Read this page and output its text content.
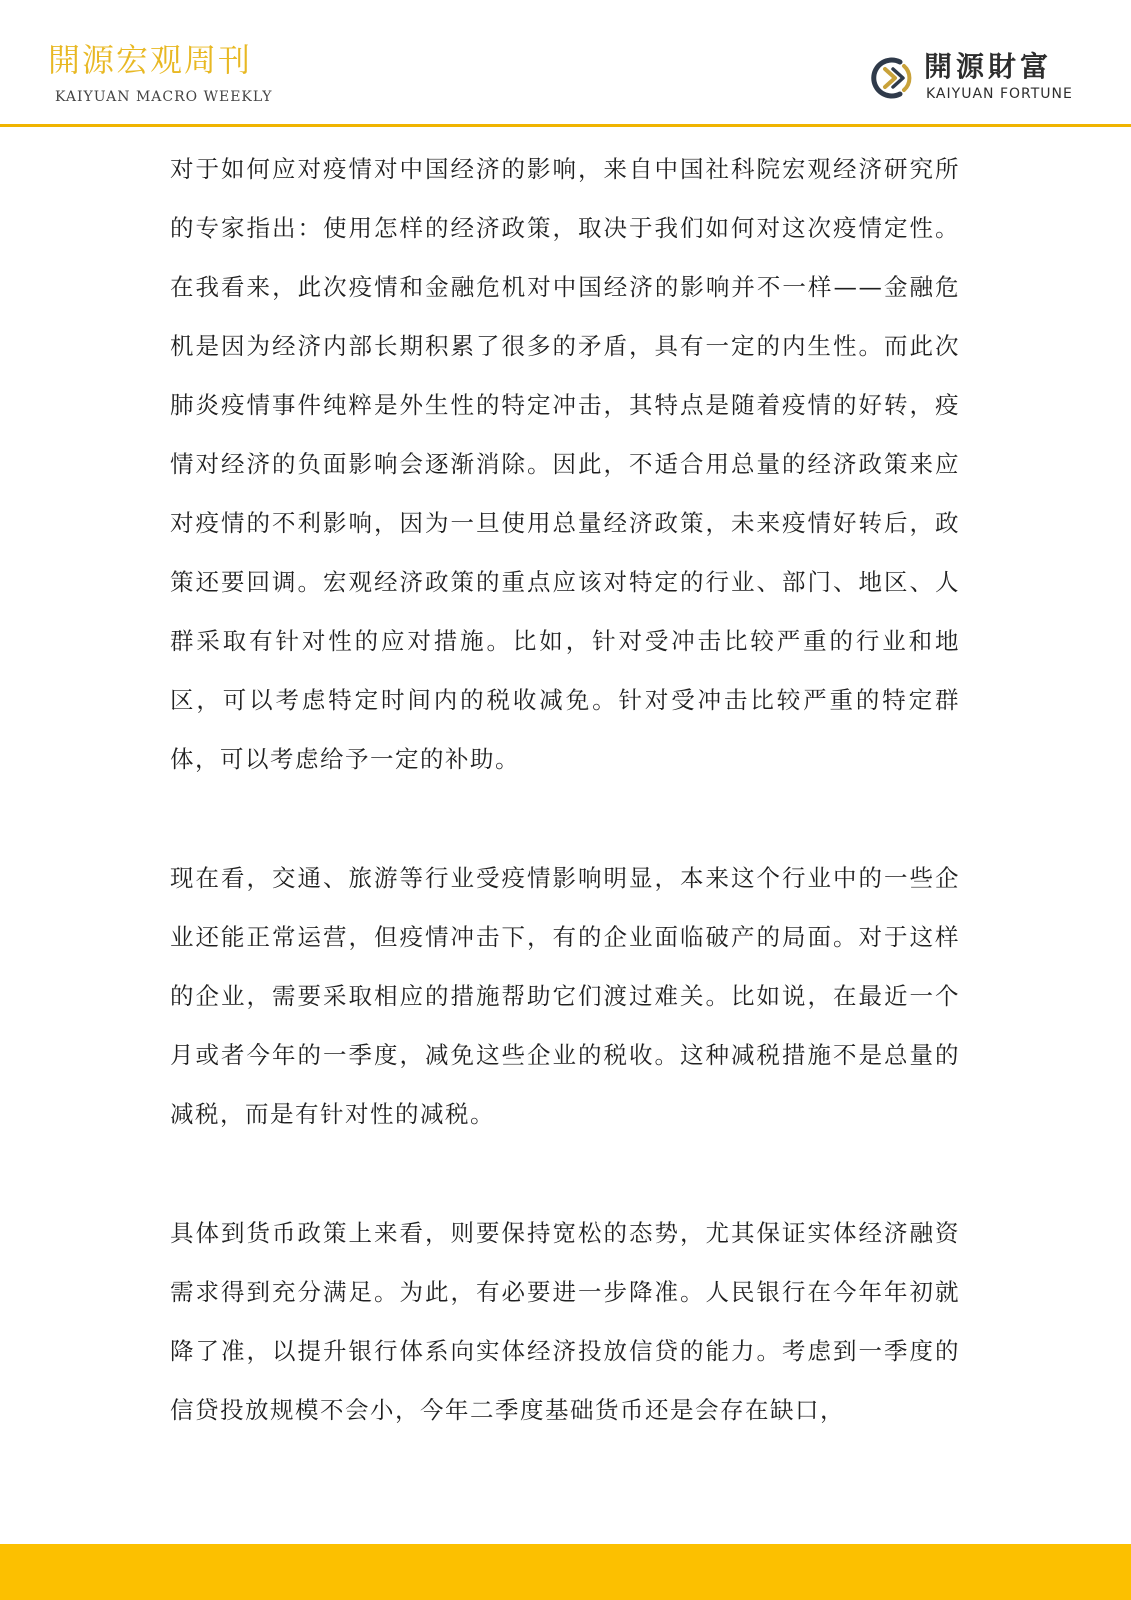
開源宏观周刊
KAIYUAN MACRO WEEKLY
開源財富
KAIYUAN FORTUNE

对于如何应对疫情对中国经济的影响，来自中国社科院宏观经济研究所的专家指出：使用怎样的经济政策，取决于我们如何对这次疫情定性。在我看来，此次疫情和金融危机对中国经济的影响并不一样——金融危机是因为经济内部长期积累了很多的矛盾，具有一定的内生性。而此次肺炎疫情事件纯粹是外生性的特定冲击，其特点是随着疫情的好转，疫情对经济的负面影响会逐渐消除。因此，不适合用总量的经济政策来应对疫情的不利影响，因为一旦使用总量经济政策，未来疫情好转后，政策还要回调。宏观经济政策的重点应该对特定的行业、部门、地区、人群采取有针对性的应对措施。比如，针对受冲击比较严重的行业和地区，可以考虑特定时间内的税收减免。针对受冲击比较严重的特定群体，可以考虑给予一定的补助。

现在看，交通、旅游等行业受疫情影响明显，本来这个行业中的一些企业还能正常运营，但疫情冲击下，有的企业面临破产的局面。对于这样的企业，需要采取相应的措施帮助它们渡过难关。比如说，在最近一个月或者今年的一季度，减免这些企业的税收。这种减税措施不是总量的减税，而是有针对性的减税。

具体到货币政策上来看，则要保持宽松的态势，尤其保证实体经济融资需求得到充分满足。为此，有必要进一步降准。人民银行在今年年初就降了准，以提升银行体系向实体经济投放信贷的能力。考虑到一季度的信贷投放规模不会小，今年二季度基础货币还是会存在缺口，
